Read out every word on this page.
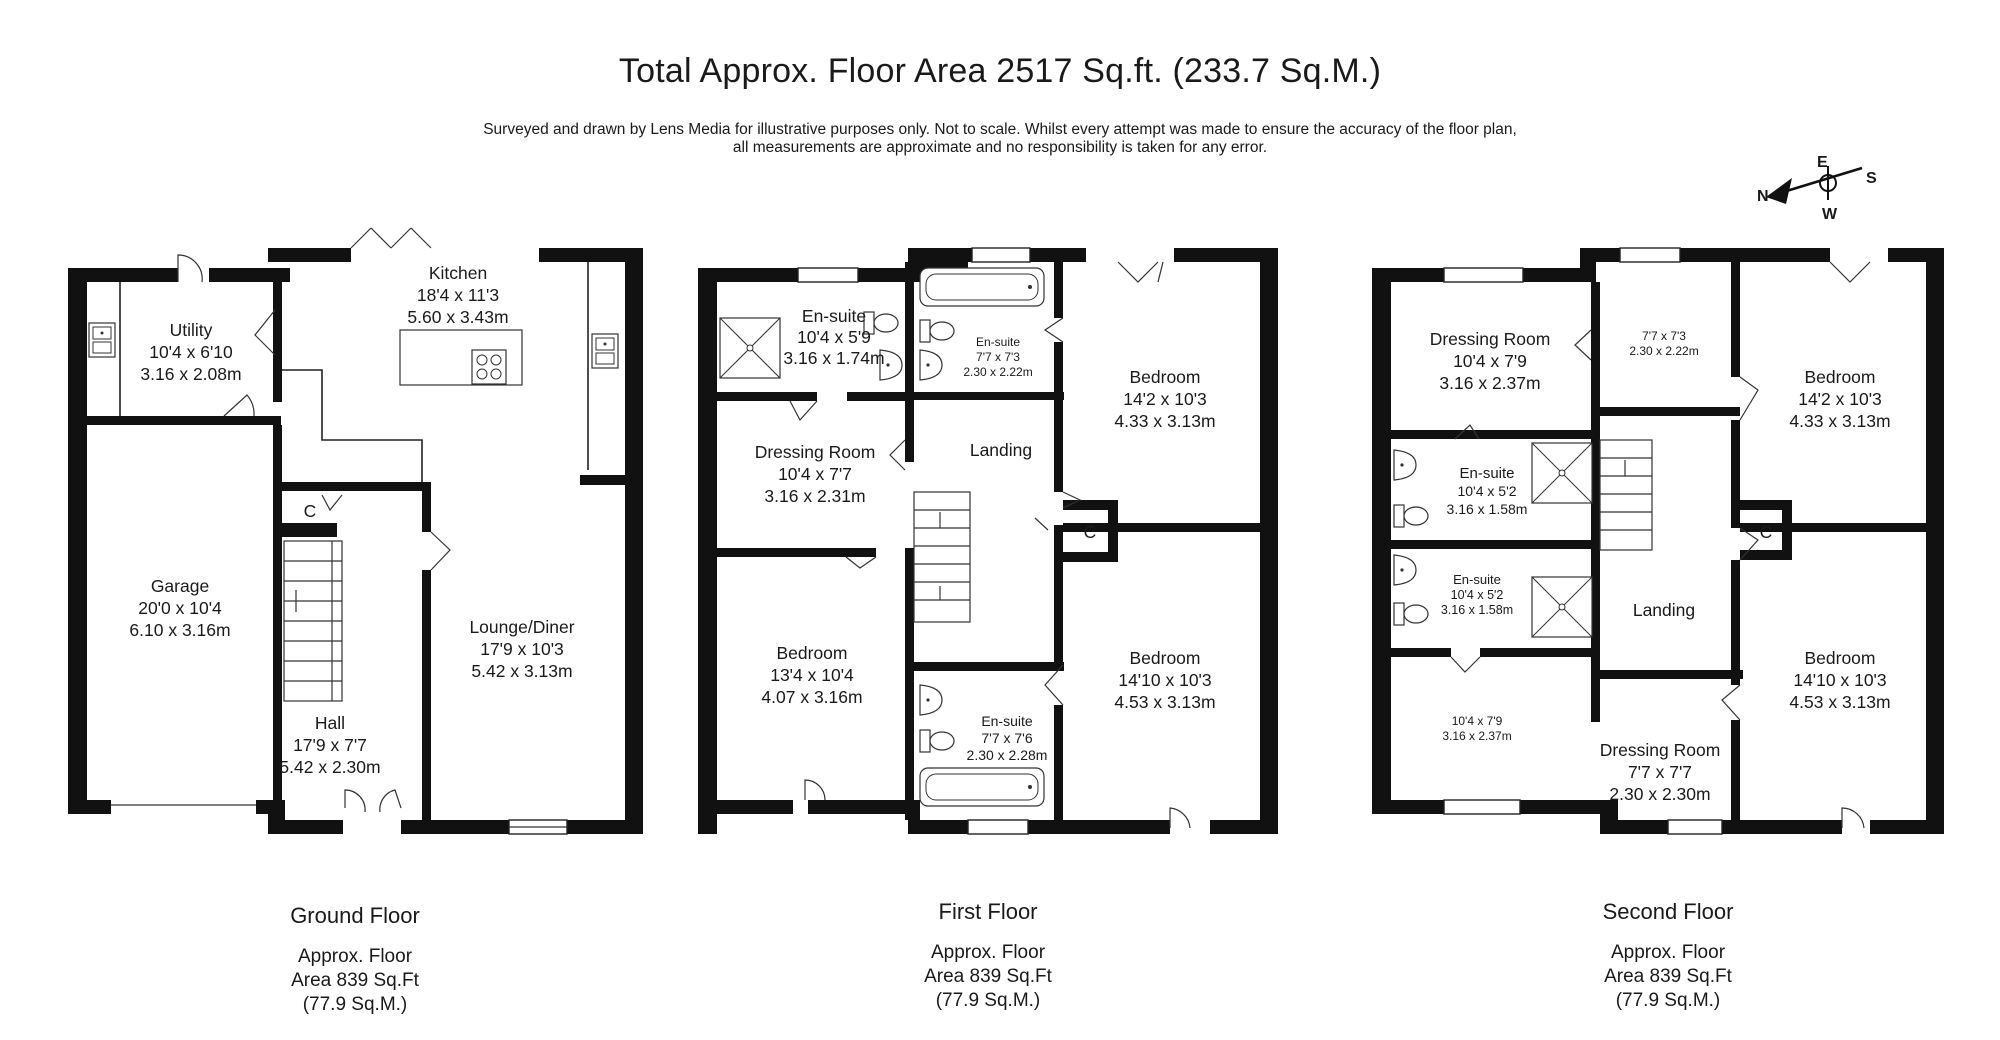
Total Approx. Floor Area 2517 Sq.ft. (233.7 Sq.M.)
Surveyed and drawn by Lens Media for illustrative purposes only. Not to scale. Whilst every attempt was made to ensure the accuracy of the floor plan,
all measurements are approximate and no responsibility is taken for any error.
E
N
S
W
Kitchen
18'4 x 11'3
5.60 x 3.43m
Utility
10'4 x 6'10
3.16 x 2.08m
Garage
20'0 x 10'4
6.10 x 3.16m	Lounge/Diner
17'9 x 10'3
5.42 x 3.13m
Hall
17'9 x 7'7
5.42 x 2.30m
C
En-suite
10'4 x 5'9
3.16 x 1.74m
En-suite
7'7 x 7'3
2.30 x 2.22m	Bedroom
14'2 x 10'3
4.33 x 3.13m
Dressing Room
10'4 x 7'7
3.16 x 2.31m
Landing
C
Bedroom
13'4 x 10'4
4.07 x 3.16m
Bedroom
14'10 x 10'3
4.53 x 3.13m
En-suite
7'7 x 7'6
2.30 x 2.28m
Dressing Room
10'4 x 7'9
3.16 x 2.37m
7'7 x 7'3
2.30 x 2.22m
Bedroom
14'2 x 10'3
4.33 x 3.13m
En-suite
10'4 x 5'2
3.16 x 1.58m
En-suite
10'4 x 5'2
3.16 x 1.58m
C
Landing
10'4 x 7'9
3.16 x 2.37m
Bedroom
14'10 x 10'3
4.53 x 3.13m
Dressing Room
7'7 x 7'7
2.30 x 2.30m
Ground Floor
Approx. Floor
Area 839 Sq.Ft
(77.9 Sq.M.)
First Floor
Approx. Floor
Area 839 Sq.Ft
(77.9 Sq.M.)
Second Floor
Approx. Floor
Area 839 Sq.Ft
(77.9 Sq.M.)
